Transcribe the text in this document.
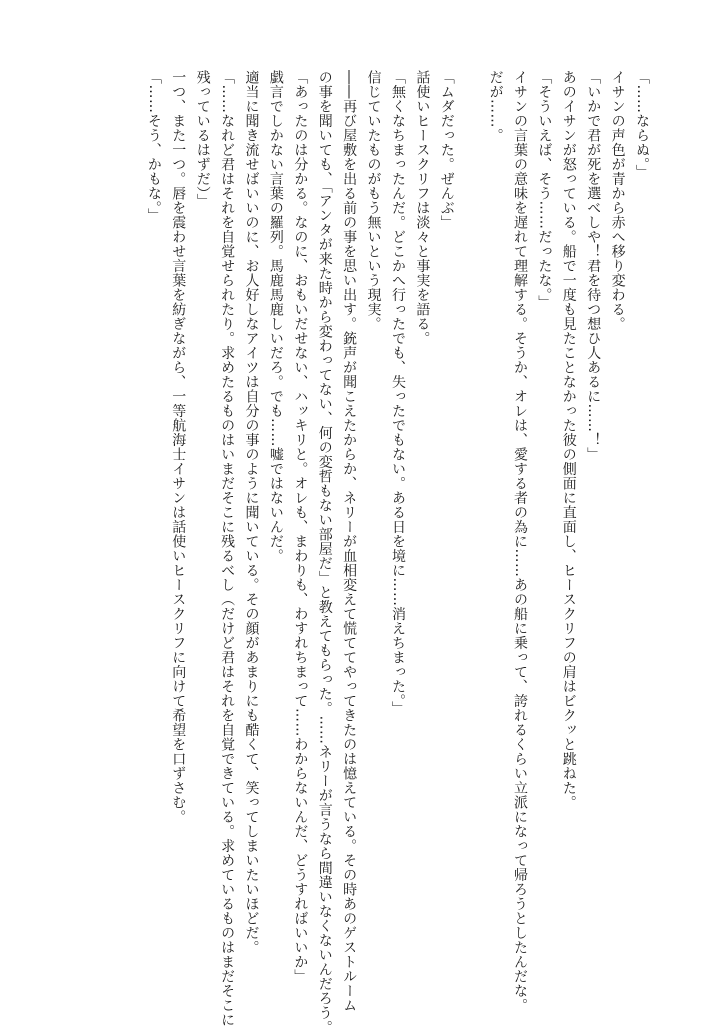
「……ならぬ。」
イサンの声色が青から赤へ移り変わる。
「いかで君が死を選べしや！君を待つ想ひ人あるに……！」
あのイサンが怒っている。船で一度も見たことなかった彼の側面に直面し、ヒースクリフの肩はビクッと跳ねた。
「そういえば、そう……だったな。」
イサンの言葉の意味を遅れて理解する。そうか、オレは、愛する者の為に……あの船に乗って、誇れるくらい立派になって帰ろうとしたんだな。
だが……。
「ムダだった。ぜんぶ」
話使いヒースクリフは淡々と事実を語る。
「無くなちまったんだ。どこかへ行ったでも、失ったでもない。ある日を境に……消えちまった。」
信じていたものがもう無いという現実。
――再び屋敷を出る前の事を思い出す。銃声が聞こえたからか、ネリーが血相変えて慌ててやってきたのは憶えている。その時あのゲストルーム
の事を聞いても、「アンタが来た時から変わってない、何の変哲もない部屋だ」と教えてもらった。……ネリーが言うなら間違いなくないんだろう。
「あったのは分かる。なのに、おもいだせない、ハッキリと。オレも、まわりも、わすれちまって……わからないんだ、どうすればいいか」
戯言でしかない言葉の羅列。馬鹿馬鹿しいだろ。でも……嘘ではないんだ。
適当に聞き流せばいいのに、お人好しなアイツは自分の事のように聞いている。その顔があまりにも酷くて、笑ってしまいたいほどだ。
「……なれど君はそれを自覚せられたり。求めたるものはいまだそこに残るべし（だけど君はそれを自覚できている。求めているものはまだそこに
残っているはずだ）」
一つ、また一つ。唇を震わせ言葉を紡ぎながら、一等航海士イサンは話使いヒースクリフに向けて希望を口ずさむ。
「……そう、かもな。」
